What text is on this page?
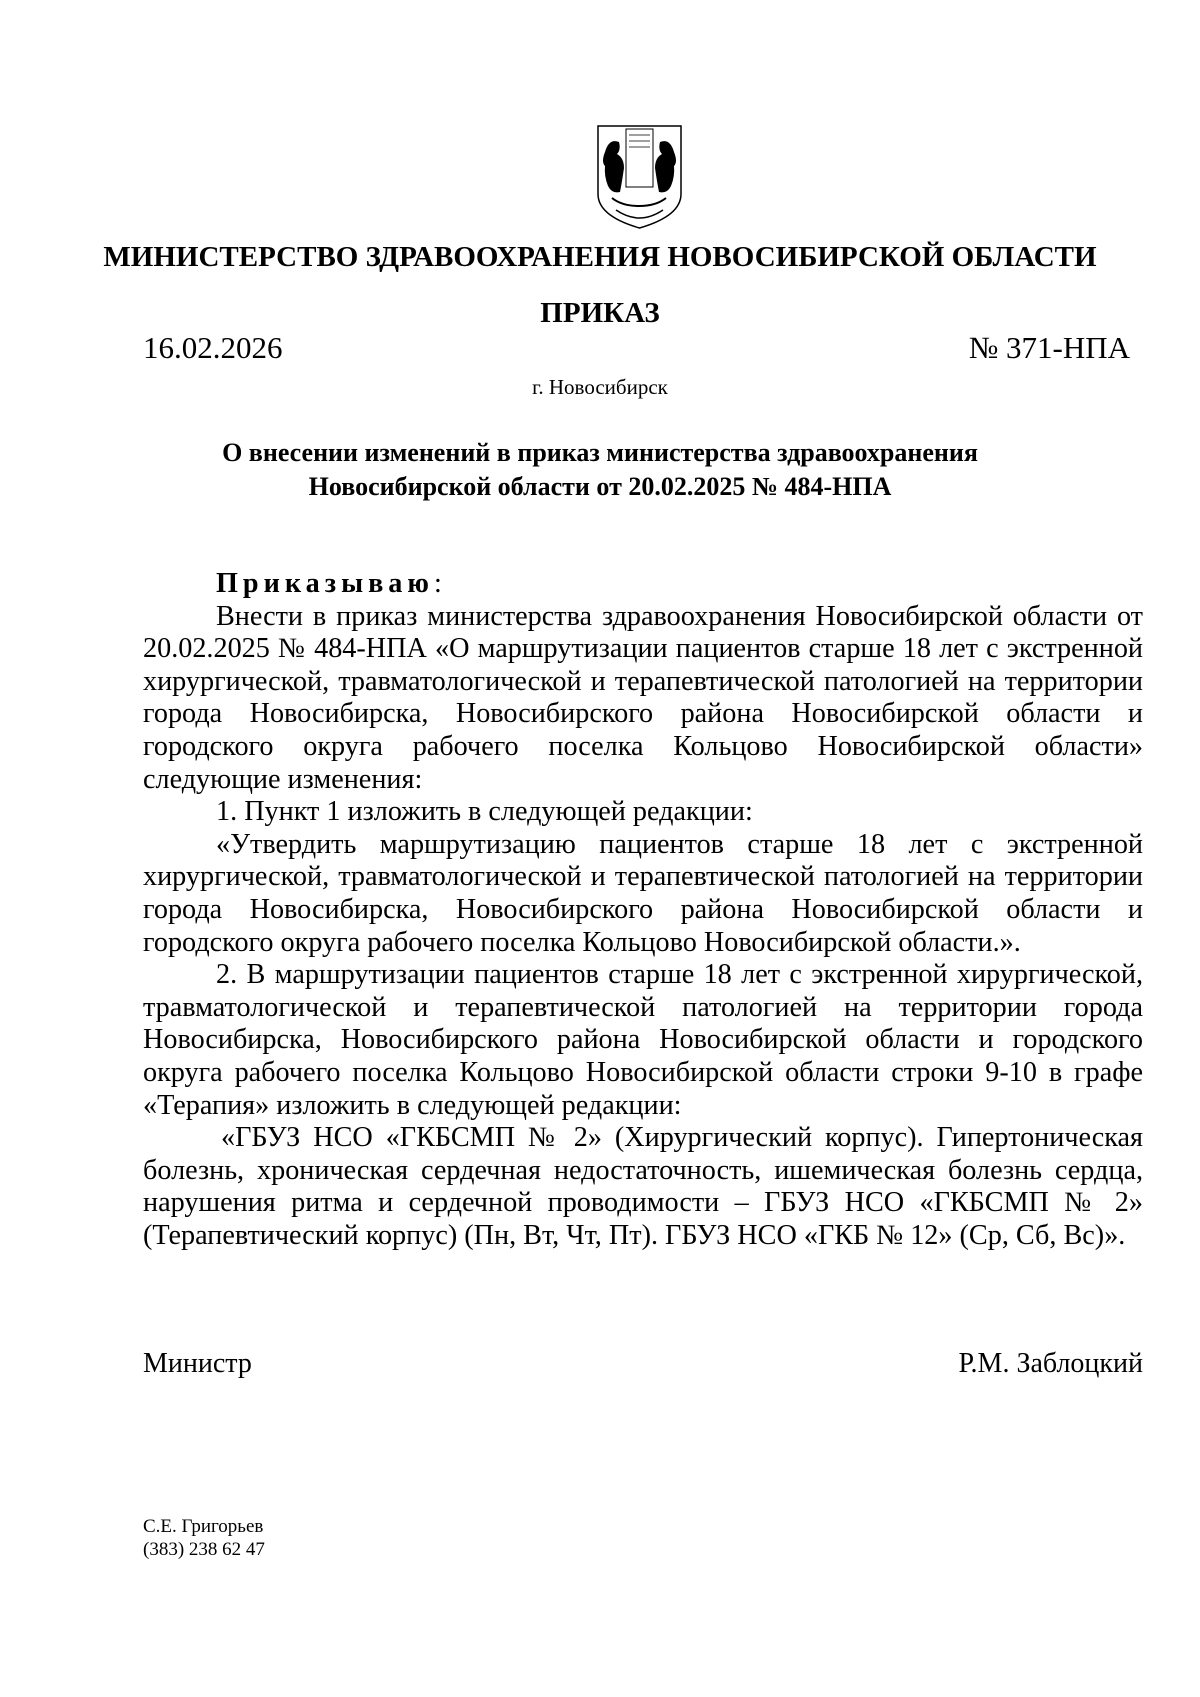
МИНИСТЕРСТВО ЗДРАВООХРАНЕНИЯ НОВОСИБИРСКОЙ ОБЛАСТИ
ПРИКАЗ
16.02.2026	№ 371-НПА
г. Новосибирск
О внесении изменений в приказ министерства здравоохранения
Новосибирской области от 20.02.2025 № 484-НПА

Приказываю:

Внести в приказ министерства здравоохранения Новосибирской области от 20.02.2025 № 484-НПА «О маршрутизации пациентов старше 18 лет с экстренной хирургической, травматологической и терапевтической патологией на территории города Новосибирска, Новосибирского района Новосибирской области и городского округа рабочего поселка Кольцово Новосибирской области» следующие изменения:

1. Пункт 1 изложить в следующей редакции:

«Утвердить маршрутизацию пациентов старше 18 лет с экстренной хирургической, травматологической и терапевтической патологией на территории города Новосибирска, Новосибирского района Новосибирской области и городского округа рабочего поселка Кольцово Новосибирской области.».

2. В маршрутизации пациентов старше 18 лет с экстренной хирургической, травматологической и терапевтической патологией на территории города Новосибирска, Новосибирского района Новосибирской области и городского округа рабочего поселка Кольцово Новосибирской области строки 9-10 в графе «Терапия» изложить в следующей редакции:

«ГБУЗ НСО «ГКБСМП № 2» (Хирургический корпус). Гипертоническая болезнь, хроническая сердечная недостаточность, ишемическая болезнь сердца, нарушения ритма и сердечной проводимости – ГБУЗ НСО «ГКБСМП № 2» (Терапевтический корпус) (Пн, Вт, Чт, Пт). ГБУЗ НСО «ГКБ № 12» (Ср, Сб, Вс)».

Министр	Р.М. Заблоцкий
С.Е. Григорьев
(383) 238 62 47
